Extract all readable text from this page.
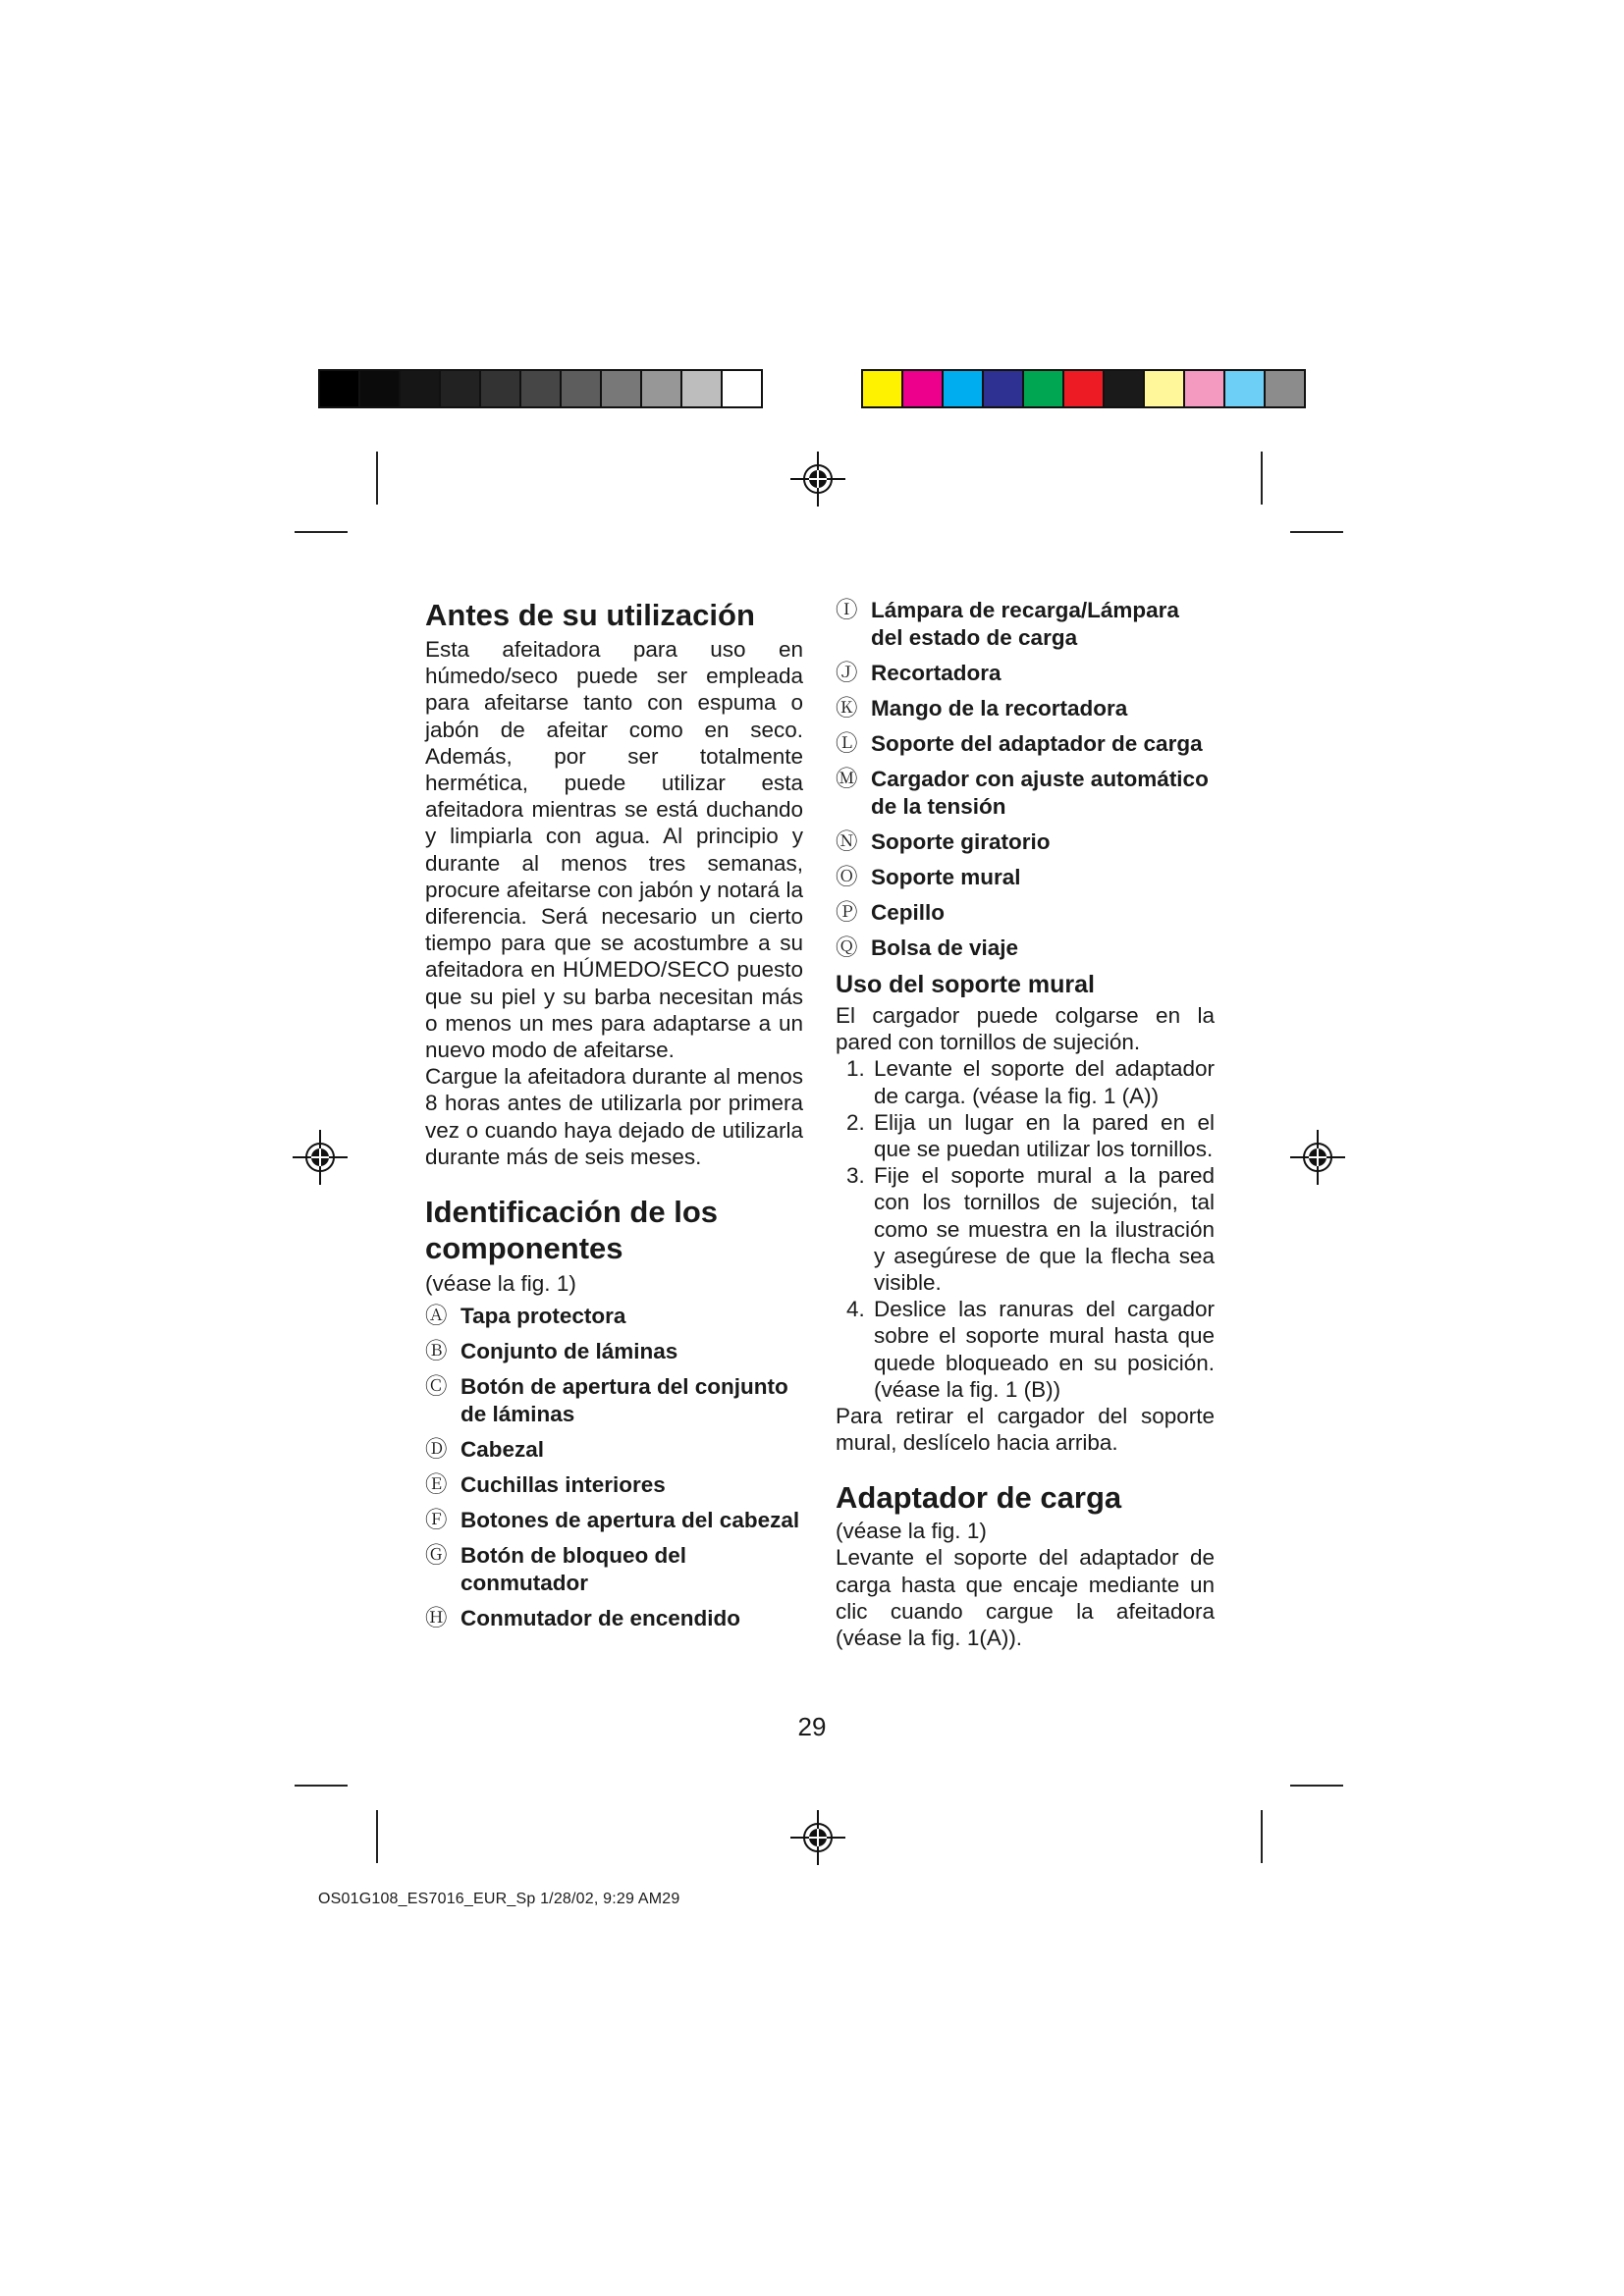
Antes de su utilización

Esta afeitadora para uso en húmedo/seco puede ser empleada para afeitarse tanto con espuma o jabón de afeitar como en seco. Además, por ser totalmente hermética, puede utilizar esta afeitadora mientras se está duchando y limpiarla con agua. Al principio y durante al menos tres semanas, procure afeitarse con jabón y notará la diferencia. Será necesario un cierto tiempo para que se acostumbre a su afeitadora en HÚMEDO/SECO puesto que su piel y su barba necesitan más o menos un mes para adaptarse a un nuevo modo de afeitarse.

Cargue la afeitadora durante al menos 8 horas antes de utilizarla por primera vez o cuando haya dejado de utilizarla durante más de seis meses.

Identificación de los componentes
(véase la fig. 1)
Ⓐ Tapa protectora
Ⓑ Conjunto de láminas
Ⓒ Botón de apertura del conjunto de láminas
Ⓓ Cabezal
Ⓔ Cuchillas interiores
Ⓕ Botones de apertura del cabezal
Ⓖ Botón de bloqueo del conmutador
Ⓗ Conmutador de encendido
Ⓘ Lámpara de recarga/Lámpara del estado de carga
Ⓙ Recortadora
Ⓚ Mango de la recortadora
Ⓛ Soporte del adaptador de carga
Ⓜ Cargador con ajuste automático de la tensión
Ⓝ Soporte giratorio
Ⓞ Soporte mural
Ⓟ Cepillo
Ⓠ Bolsa de viaje
Uso del soporte mural

El cargador puede colgarse en la pared con tornillos de sujeción.

1. Levante el soporte del adaptador de carga. (véase la fig. 1 (A))
2. Elija un lugar en la pared en el que se puedan utilizar los tornillos.
3. Fije el soporte mural a la pared con los tornillos de sujeción, tal como se muestra en la ilustración y asegúrese de que la flecha sea visible.
4. Deslice las ranuras del cargador sobre el soporte mural hasta que quede bloqueado en su posición. (véase la fig. 1 (B))

Para retirar el cargador del soporte mural, deslícelo hacia arriba.

Adaptador de carga
(véase la fig. 1)

Levante el soporte del adaptador de carga hasta que encaje mediante un clic cuando cargue la afeitadora (véase la fig. 1(A)).

29
OS01G108_ES7016_EUR_Sp 1/28/02, 9:29 AM29
